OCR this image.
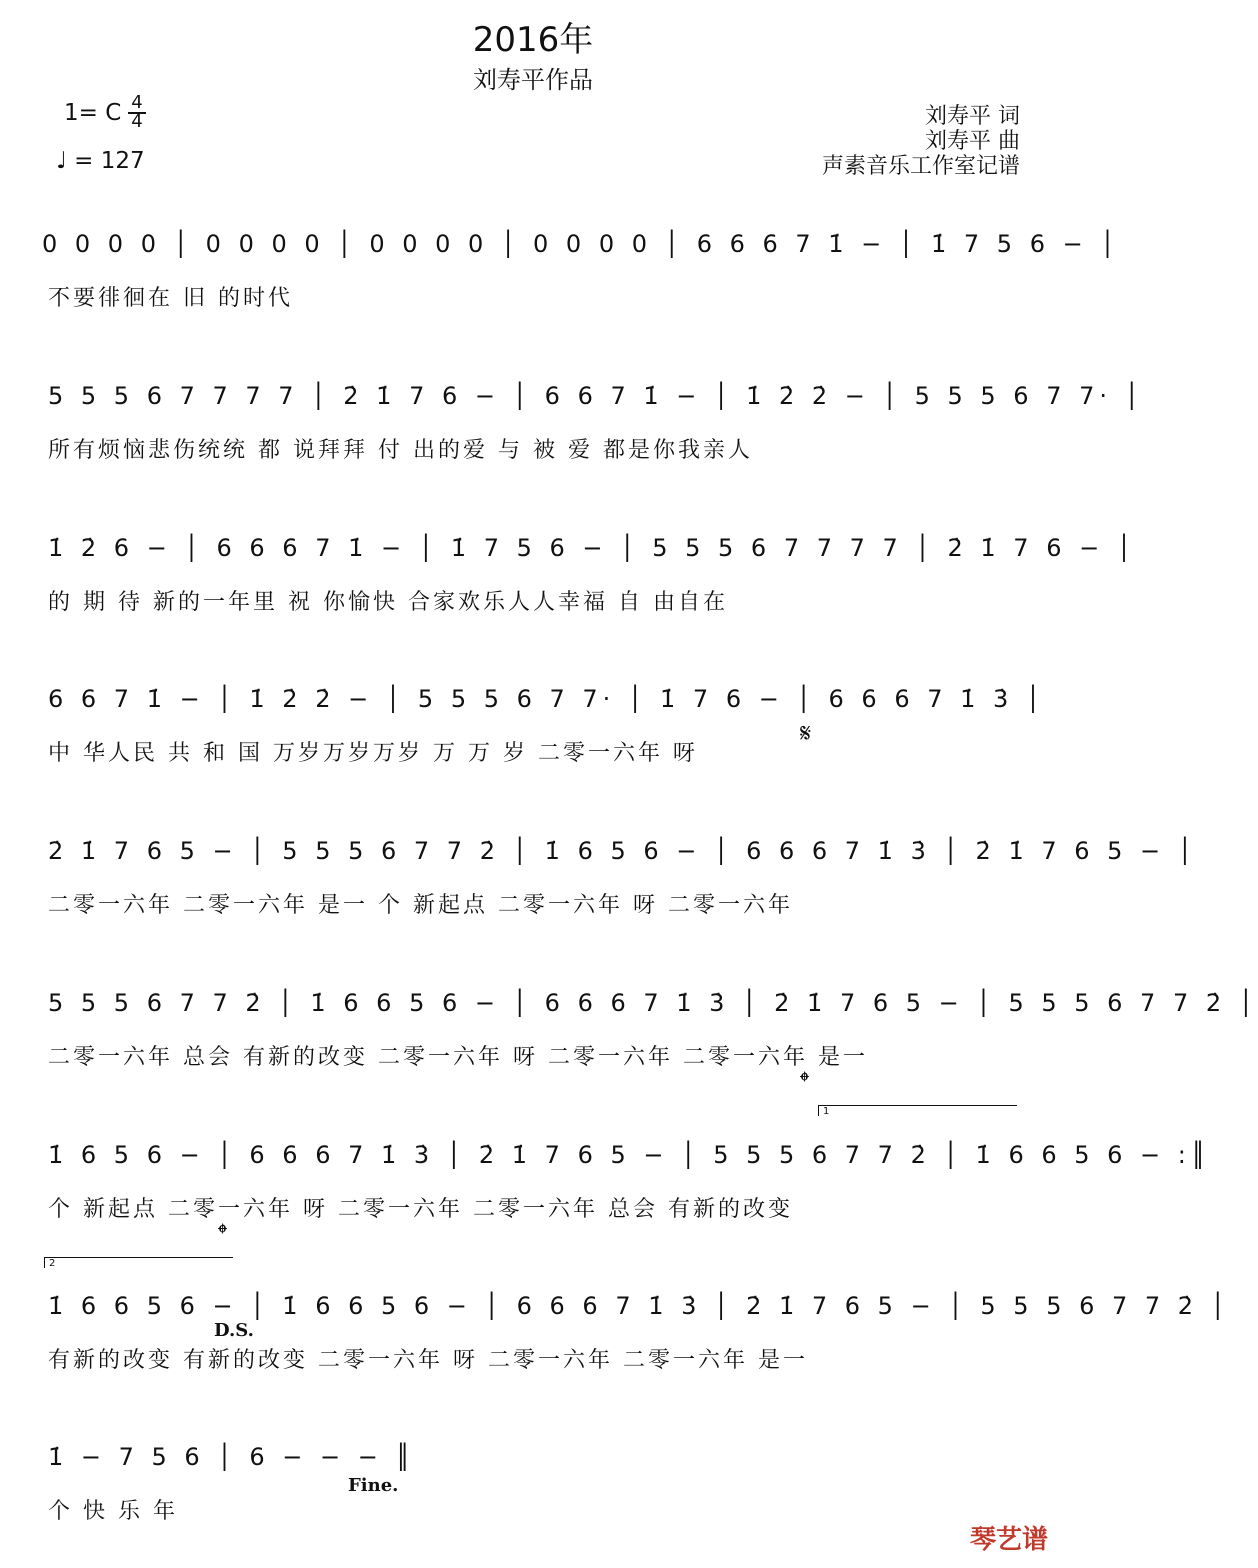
2016年
刘寿平作品
1= C 4
4
♩ = 127
刘寿平 词
刘寿平 曲
声素音乐工作室记谱
0 0 0 0 │ 0 0 0 0 │ 0 0 0 0 │ 0 0 0 0 │ 6 6 6 7 1̇ − │ 1̇ 7 5 6 − │
不要徘徊在 旧 的时代
5 5 5 6 7 7 7 7 │ 2̇ 1̇ 7 6 − │ 6 6 7 1̇ − │ 1̇ 2̇ 2̇ − │ 5 5 5 6 7 7· │
所有烦恼悲伤统统 都 说拜拜 付 出的爱 与 被 爱 都是你我亲人
1̇ 2̇ 6 − │ 6 6 6 7 1̇ − │ 1̇ 7 5 6 − │ 5 5 5 6 7 7 7 7 │ 2̇ 1̇ 7 6 − │
的 期 待 新的一年里 祝 你愉快 合家欢乐人人幸福 自 由自在
6 6 7 1̇ − │ 1̇ 2̇ 2̇ − │ 5 5 5 6 7 7· │ 1̇ 7 6 − │ 6 6 6 7 1̇ 3̇ │
中 华人民 共 和 国 万岁万岁万岁 万 万 岁 二零一六年 呀
𝄋
2̇ 1̇ 7 6 5 − │ 5 5 5 6 7 7 2̇ │ 1̇ 6 5 6 − │ 6 6 6 7 1̇ 3̇ │ 2̇ 1̇ 7 6 5 − │
二零一六年 二零一六年 是一 个 新起点 二零一六年 呀 二零一六年
5 5 5 6 7 7 2̇ │ 1̇ 6 6 5 6 − │ 6 6 6 7 1̇ 3̇ │ 2̇ 1̇ 7 6 5 − │ 5 5 5 6 7 7 2̇ │
二零一六年 总会 有新的改变 二零一六年 呀 二零一六年 二零一六年 是一
𝄌
1
1̇ 6 5 6 − │ 6 6 6 7 1̇ 3̇ │ 2̇ 1̇ 7 6 5 − │ 5 5 5 6 7 7 2̇ │ 1̇ 6 6 5 6 − :║
个 新起点 二零一六年 呀 二零一六年 二零一六年 总会 有新的改变
𝄌
2
1̇ 6 6 5 6 − │ 1̇ 6 6 5 6 − │ 6 6 6 7 1̇ 3̇ │ 2̇ 1̇ 7 6 5 − │ 5 5 5 6 7 7 2̇ │
有新的改变 有新的改变 二零一六年 呀 二零一六年 二零一六年 是一
D.S.
1̇ − 7 5 6 │ 6 − − − ║
个 快 乐 年
Fine.
琴艺谱
